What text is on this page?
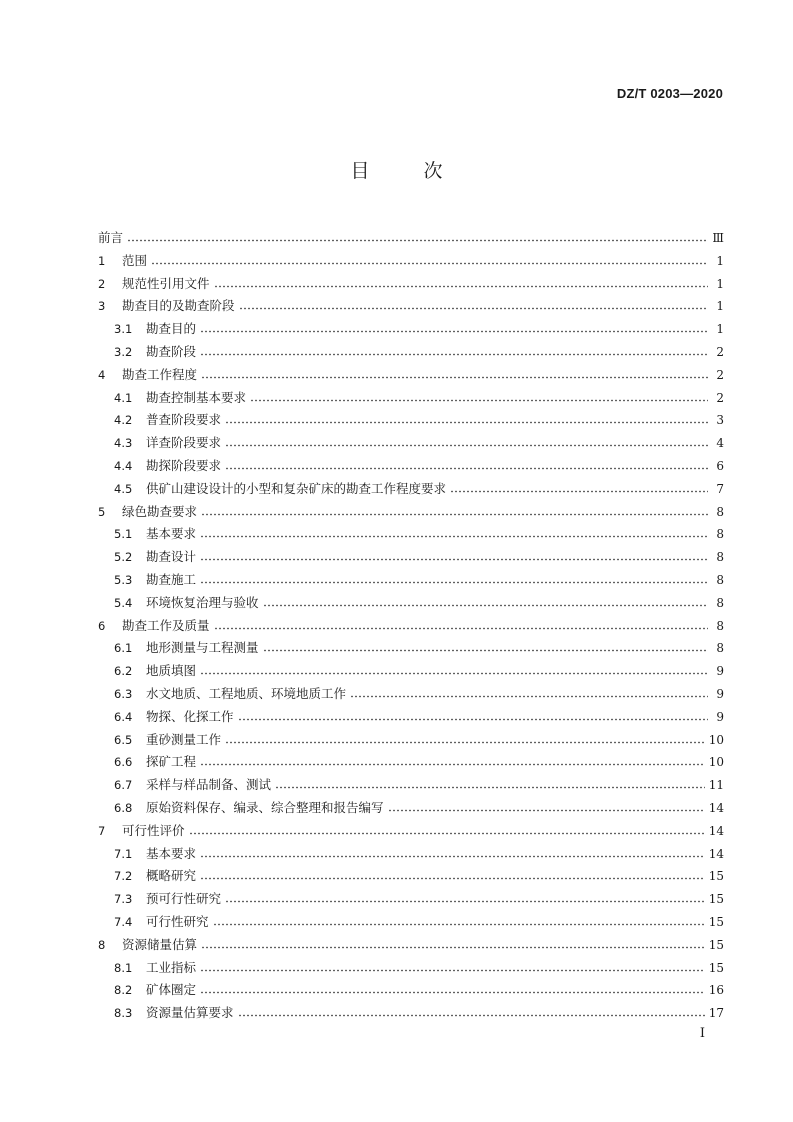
DZ/T 0203—2020
目 次
前言	Ⅲ
1	范围	1
2	规范性引用文件	1
3	勘查目的及勘查阶段	1
3.1	勘查目的	1
3.2	勘查阶段	2
4	勘查工作程度	2
4.1	勘查控制基本要求	2
4.2	普查阶段要求	3
4.3	详查阶段要求	4
4.4	勘探阶段要求	6
4.5	供矿山建设设计的小型和复杂矿床的勘查工作程度要求	7
5	绿色勘查要求	8
5.1	基本要求	8
5.2	勘查设计	8
5.3	勘查施工	8
5.4	环境恢复治理与验收	8
6	勘查工作及质量	8
6.1	地形测量与工程测量	8
6.2	地质填图	9
6.3	水文地质、工程地质、环境地质工作	9
6.4	物探、化探工作	9
6.5	重砂测量工作	10
6.6	探矿工程	10
6.7	采样与样品制备、测试	11
6.8	原始资料保存、编录、综合整理和报告编写	14
7	可行性评价	14
7.1	基本要求	14
7.2	概略研究	15
7.3	预可行性研究	15
7.4	可行性研究	15
8	资源储量估算	15
8.1	工业指标	15
8.2	矿体圈定	16
8.3	资源量估算要求	17
Ⅰ
